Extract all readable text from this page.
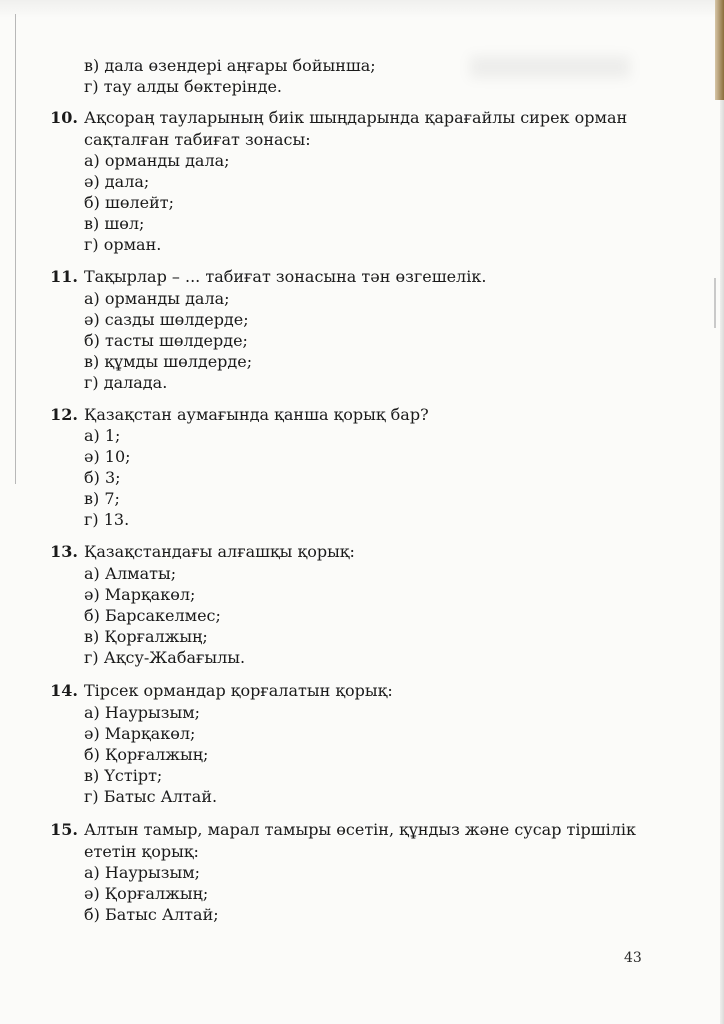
в) дала өзендері аңғары бойынша;
г) тау алды бөктерінде.
10. Ақсораң тауларының биік шыңдарында қарағайлы сирек орман
сақталған табиғат зонасы:
а) орманды дала;
ә) дала;
б) шөлейт;
в) шөл;
г) орман.
11. Тақырлар – ... табиғат зонасына тән өзгешелік.
а) орманды дала;
ә) сазды шөлдерде;
б) тасты шөлдерде;
в) құмды шөлдерде;
г) далада.
12. Қазақстан аумағында қанша қорық бар?
а) 1;
ә) 10;
б) 3;
в) 7;
г) 13.
13. Қазақстандағы алғашқы қорық:
а) Алматы;
ә) Марқакөл;
б) Барсакелмес;
в) Қорғалжың;
г) Ақсу-Жабағылы.
14. Тірсек ормандар қорғалатын қорық:
а) Наурызым;
ә) Марқакөл;
б) Қорғалжың;
в) Үстірт;
г) Батыс Алтай.
15. Алтын тамыр, марал тамыры өсетін, құндыз және сусар тіршілік
ететін қорық:
а) Наурызым;
ә) Қорғалжың;
б) Батыс Алтай;
43
